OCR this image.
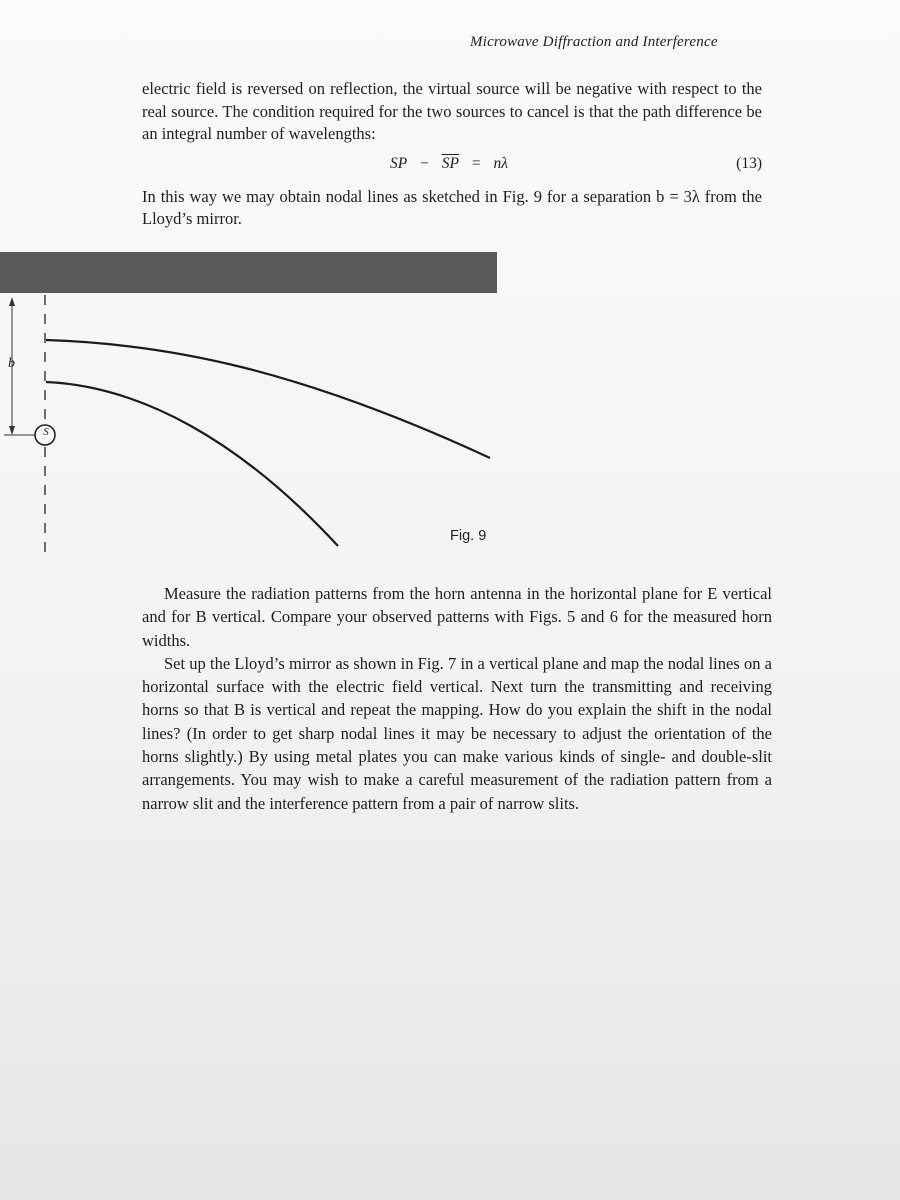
Microwave Diffraction and Interference

electric field is reversed on reflection, the virtual source will be negative with respect to the real source. The condition required for the two sources to cancel is that the path difference be an integral number of wavelengths:

SP − $\overline{SP} = n\lambda$	(13)

In this way we may obtain nodal lines as sketched in Fig. 9 for a separation b = 3λ from the Lloyd’s mirror.

b
S
Fig. 9

Measure the radiation patterns from the horn antenna in the horizontal plane for E vertical and for B vertical. Compare your observed patterns with Figs. 5 and 6 for the measured horn widths.

Set up the Lloyd’s mirror as shown in Fig. 7 in a vertical plane and map the nodal lines on a horizontal surface with the electric field vertical. Next turn the transmitting and receiving horns so that B is vertical and repeat the mapping. How do you explain the shift in the nodal lines? (In order to get sharp nodal lines it may be necessary to adjust the orientation of the horns slightly.) By using metal plates you can make various kinds of single- and double-slit arrangements. You may wish to make a careful measurement of the radiation pattern from a narrow slit and the interference pattern from a pair of narrow slits.
